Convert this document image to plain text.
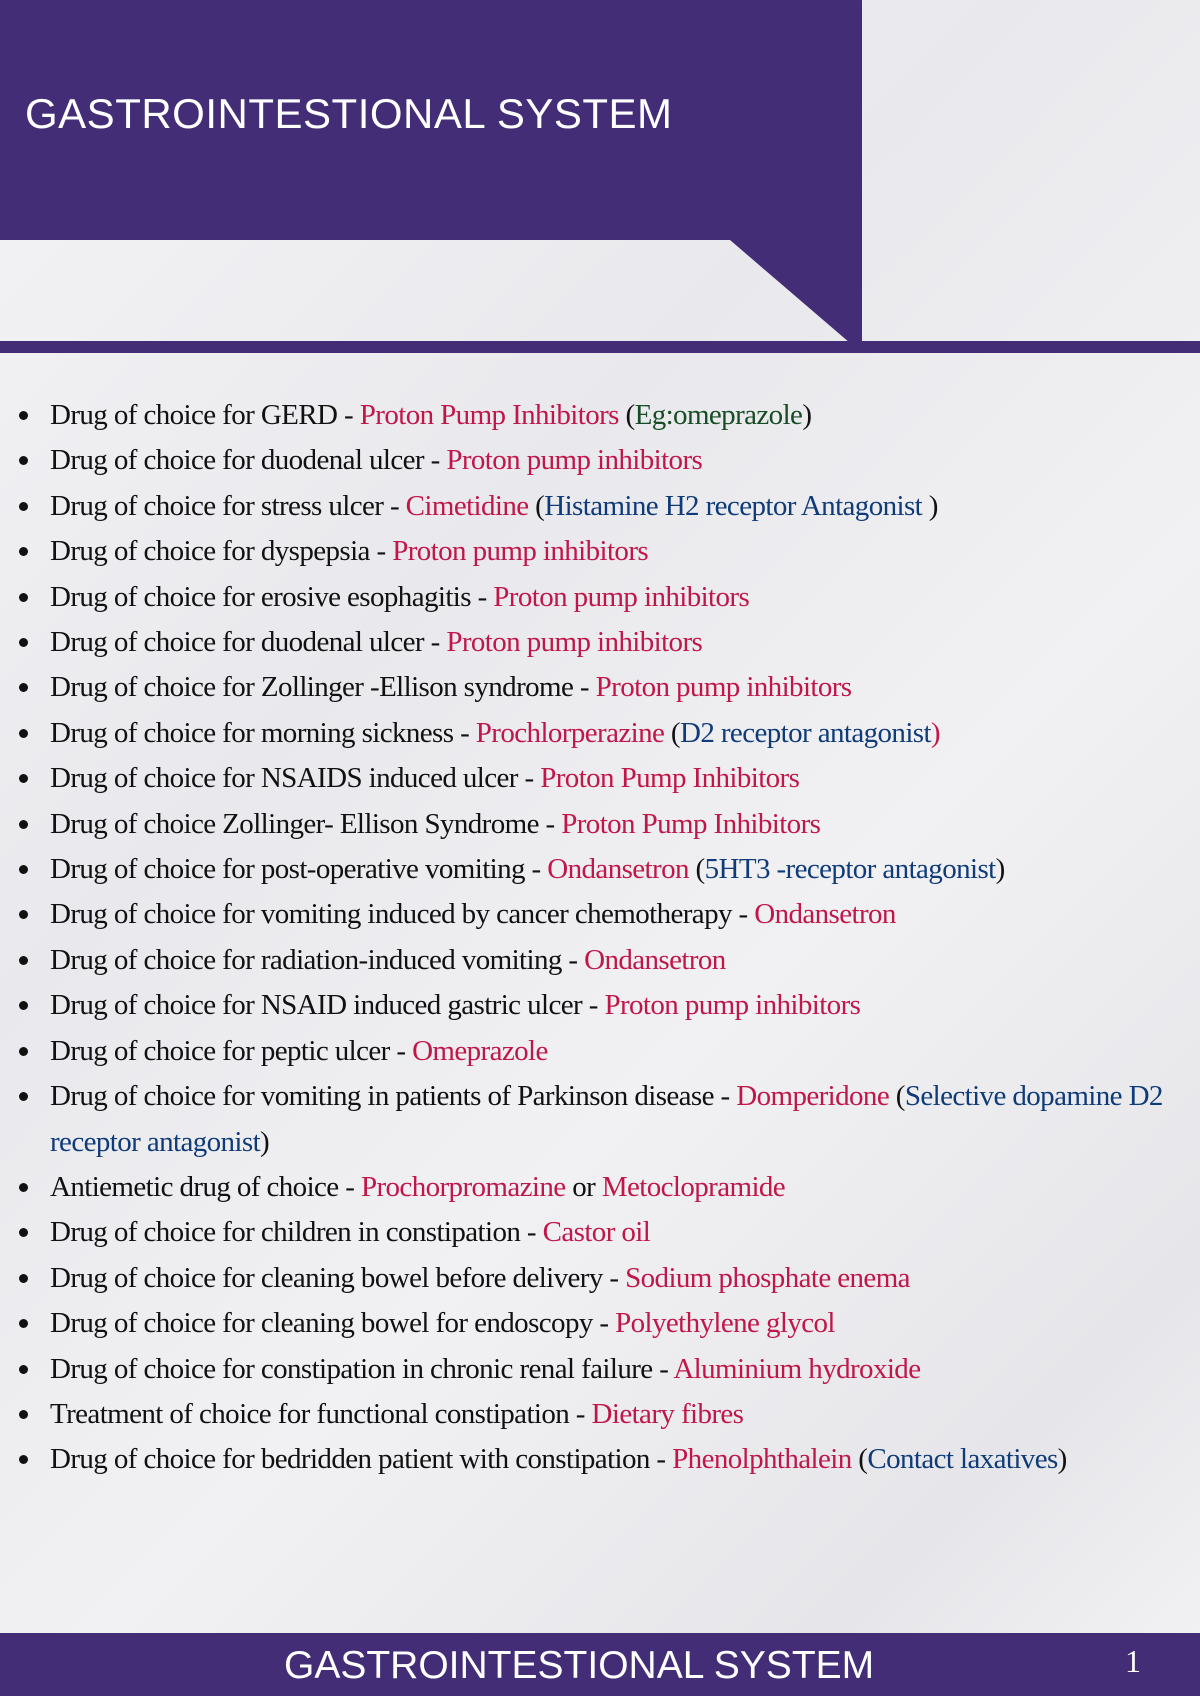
GASTROINTESTIONAL SYSTEM
Drug of choice for GERD - Proton Pump Inhibitors (Eg:omeprazole)
Drug of choice for duodenal ulcer - Proton pump inhibitors
Drug of choice for stress ulcer - Cimetidine (Histamine H2 receptor Antagonist )
Drug of choice for dyspepsia - Proton pump inhibitors
Drug of choice for erosive esophagitis - Proton pump inhibitors
Drug of choice for duodenal ulcer - Proton pump inhibitors
Drug of choice for Zollinger -Ellison syndrome - Proton pump inhibitors
Drug of choice for morning sickness - Prochlorperazine (D2 receptor antagonist)
Drug of choice for NSAIDS induced ulcer - Proton Pump Inhibitors
Drug of choice Zollinger- Ellison Syndrome - Proton Pump Inhibitors
Drug of choice for post-operative vomiting - Ondansetron (5HT3 -receptor antagonist)
Drug of choice for vomiting induced by cancer chemotherapy - Ondansetron
Drug of choice for radiation-induced vomiting - Ondansetron
Drug of choice for NSAID induced gastric ulcer - Proton pump inhibitors
Drug of choice for peptic ulcer - Omeprazole
Drug of choice for vomiting in patients of Parkinson disease - Domperidone (Selective dopamine D2 receptor antagonist)
Antiemetic drug of choice - Prochorpromazine or Metoclopramide
Drug of choice for children in constipation - Castor oil
Drug of choice for cleaning bowel before delivery - Sodium phosphate enema
Drug of choice for cleaning bowel for endoscopy - Polyethylene glycol
Drug of choice for constipation in chronic renal failure - Aluminium hydroxide
Treatment of choice for functional constipation - Dietary fibres
Drug of choice for bedridden patient with constipation - Phenolphthalein (Contact laxatives)
GASTROINTESTIONAL SYSTEM	1
